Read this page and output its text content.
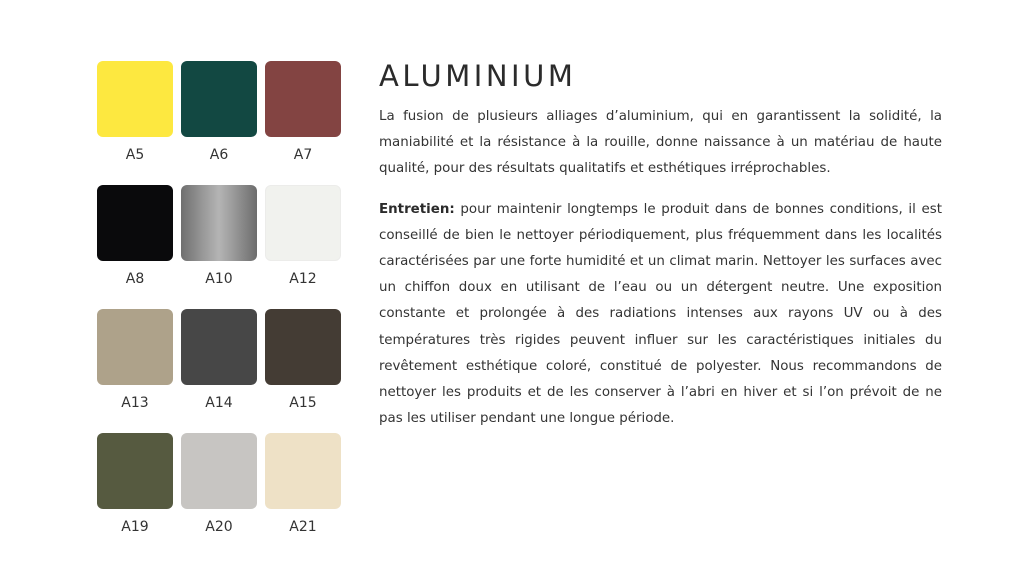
A5	A6	A7
A8	A10	A12
A13	A14	A15
A19	A20	A21
ALUMINIUM

La fusion de plusieurs alliages d’aluminium, qui en garantissent la solidité, la maniabilité et la résistance à la rouille, donne naissance à un matériau de haute qualité, pour des résultats qualitatifs et esthétiques irréprochables.

Entretien: pour maintenir longtemps le produit dans de bonnes conditions, il est conseillé de bien le nettoyer périodiquement, plus fréquemment dans les localités caractérisées par une forte humidité et un climat marin. Nettoyer les surfaces avec un chiffon doux en utilisant de l’eau ou un détergent neutre. Une exposition constante et prolongée à des radiations intenses aux rayons UV ou à des températures très rigides peuvent influer sur les caractéristiques initiales du revêtement esthétique coloré, constitué de polyester. Nous recommandons de nettoyer les produits et de les conserver à l’abri en hiver et si l’on prévoit de ne pas les utiliser pendant une longue période.
